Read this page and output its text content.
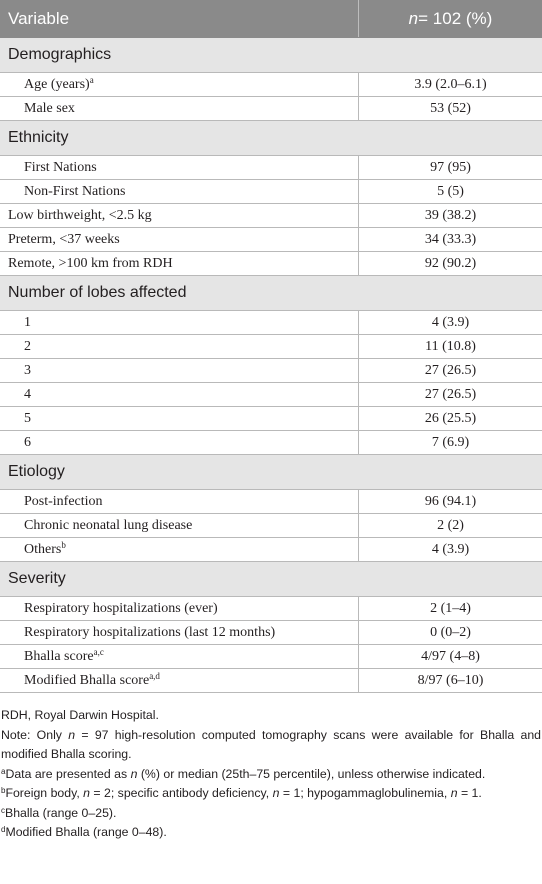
Variable	n = 102 (%)
Demographics
Age (years)$^a$	3.9 (2.0–6.1)
Male sex	53 (52)
Ethnicity
First Nations	97 (95)
Non-First Nations	5 (5)
Low birthweight, <2.5 kg	39 (38.2)
Preterm, <37 weeks	34 (33.3)
Remote, >100 km from RDH	92 (90.2)
Number of lobes affected
1	4 (3.9)
2	11 (10.8)
3	27 (26.5)
4	27 (26.5)
5	26 (25.5)
6	7 (6.9)
Etiology
Post-infection	96 (94.1)
Chronic neonatal lung disease	2 (2)
Others$^b$	4 (3.9)
Severity
Respiratory hospitalizations (ever)	2 (1–4)
Respiratory hospitalizations (last 12 months)	0 (0–2)
Bhalla score$^{a,c}$	4/97 (4–8)
Modified Bhalla score$^{a,d}$	8/97 (6–10)

RDH, Royal Darwin Hospital.

Note: Only n = 97 high-resolution computed tomography scans were available for Bhalla and modified Bhalla scoring.

$^a$Data are presented as n (%) or median (25th–75 percentile), unless otherwise indicated.

$^b$Foreign body, n = 2; specific antibody deficiency, n = 1; hypogammaglobulinemia, n = 1.

$^c$Bhalla (range 0–25).

$^d$Modified Bhalla (range 0–48).
